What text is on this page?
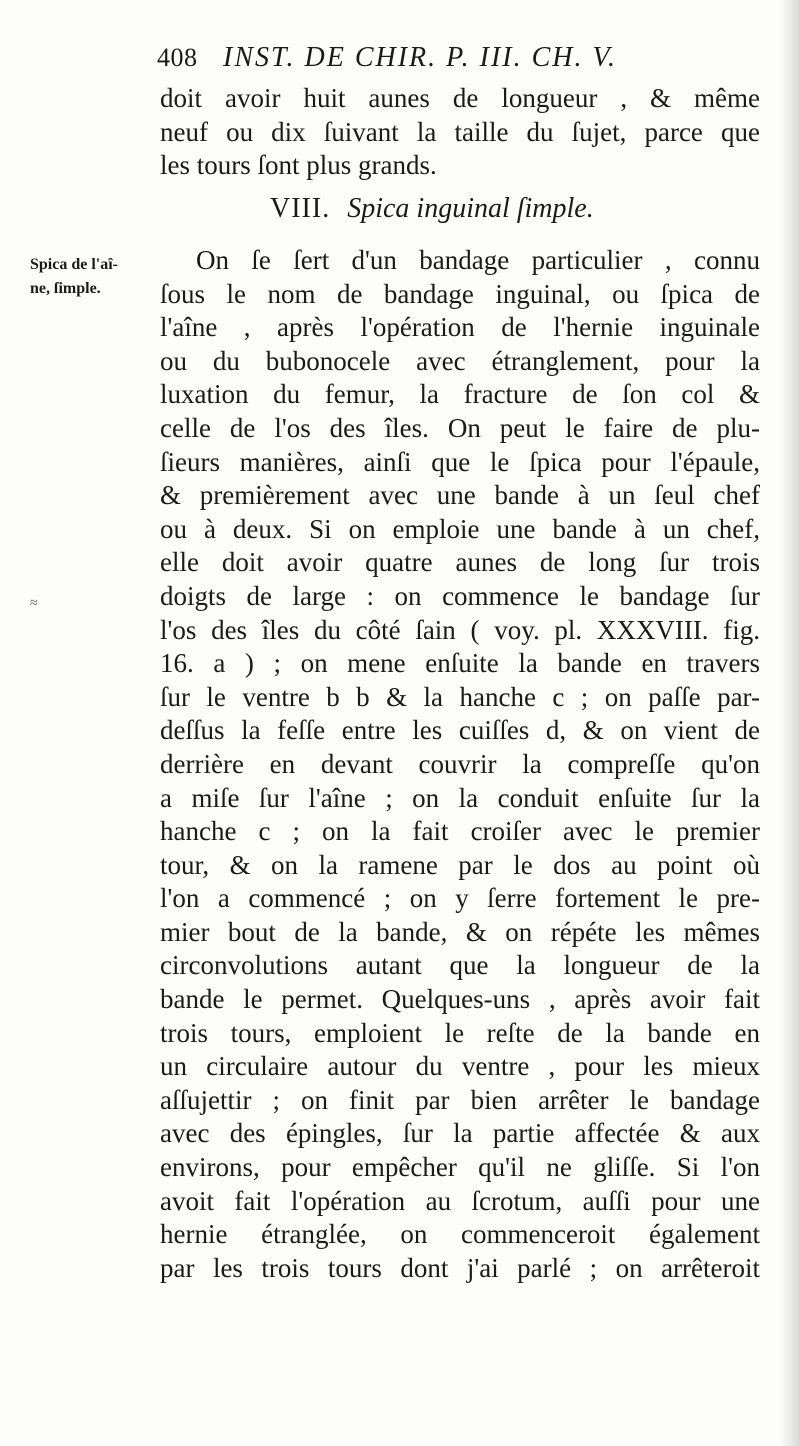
408 INST. DE CHIR. P. III. CH. V.
doit avoir huit aunes de longueur , & même
neuf ou dix ſuivant la taille du ſujet, parce que
les tours ſont plus grands.
VIII. Spica inguinal ſimple.
Spica de l'aî-
ne, ſimple.
≈
On ſe ſert d'un bandage particulier , connu
ſous le nom de bandage inguinal, ou ſpica de
l'aîne , après l'opération de l'hernie inguinale
ou du bubonocele avec étranglement, pour la
luxation du femur, la fracture de ſon col &
celle de l'os des îles. On peut le faire de plu-
ſieurs manières, ainſi que le ſpica pour l'épaule,
& premièrement avec une bande à un ſeul chef
ou à deux. Si on emploie une bande à un chef,
elle doit avoir quatre aunes de long ſur trois
doigts de large : on commence le bandage ſur
l'os des îles du côté ſain ( voy. pl. XXXVIII. fig.
16. a ) ; on mene enſuite la bande en travers
ſur le ventre b b & la hanche c ; on paſſe par-
deſſus la feſſe entre les cuiſſes d, & on vient de
derrière en devant couvrir la compreſſe qu'on
a miſe ſur l'aîne ; on la conduit enſuite ſur la
hanche c ; on la fait croiſer avec le premier
tour, & on la ramene par le dos au point où
l'on a commencé ; on y ſerre fortement le pre-
mier bout de la bande, & on répéte les mêmes
circonvolutions autant que la longueur de la
bande le permet. Quelques-uns , après avoir fait
trois tours, emploient le reſte de la bande en
un circulaire autour du ventre , pour les mieux
aſſujettir ; on finit par bien arrêter le bandage
avec des épingles, ſur la partie affectée & aux
environs, pour empêcher qu'il ne gliſſe. Si l'on
avoit fait l'opération au ſcrotum, auſſi pour une
hernie étranglée, on commenceroit également
par les trois tours dont j'ai parlé ; on arrêteroit
